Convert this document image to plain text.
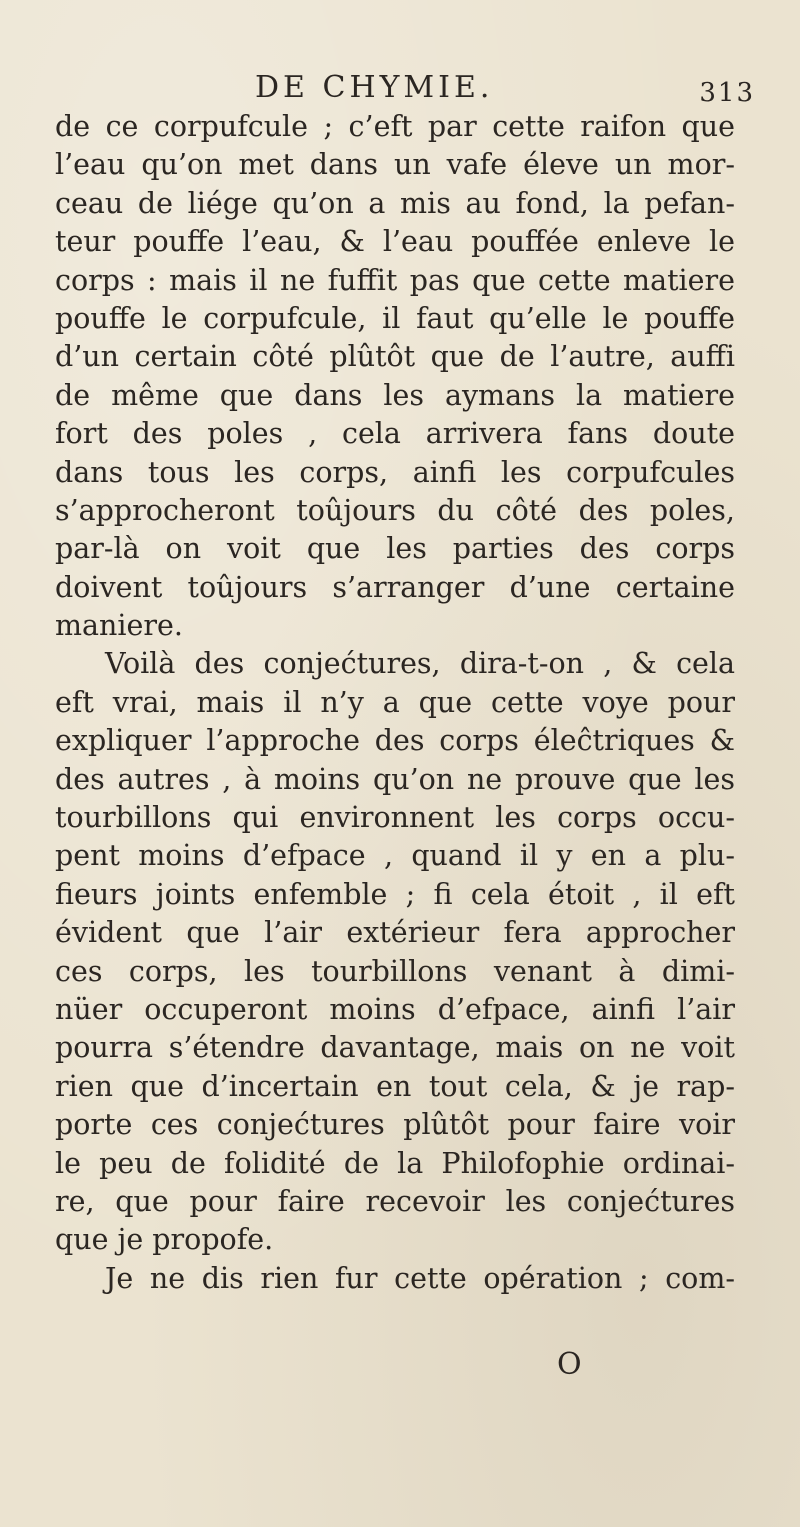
DE CHYMIE.	313
de ce corpufcule ; c’eft par cette raifon que
l’eau qu’on met dans un vafe éleve un mor-
ceau de liége qu’on a mis au fond, la pefan-
teur pouffe l’eau, & l’eau pouffée enleve le
corps : mais il ne fuffit pas que cette matiere
pouffe le corpufcule, il faut qu’elle le pouffe
d’un certain côté plûtôt que de l’autre, auffi
de même que dans les aymans la matiere
fort des poles , cela arrivera fans doute
dans tous les corps, ainfi les corpufcules
s’approcheront toûjours du côté des poles,
par-là on voit que les parties des corps
doivent toûjours s’arranger d’une certaine
maniere.
Voilà des conjećtures, dira-t-on , & cela
eft vrai, mais il n’y a que cette voye pour
expliquer l’approche des corps éleĉtriques &
des autres , à moins qu’on ne prouve que les
tourbillons qui environnent les corps occu-
pent moins d’efpace , quand il y en a plu-
fieurs joints enfemble ; fi cela étoit , il eft
évident que l’air extérieur fera approcher
ces corps, les tourbillons venant à dimi-
nüer occuperont moins d’efpace, ainfi l’air
pourra s’étendre davantage, mais on ne voit
rien que d’incertain en tout cela, & je rap-
porte ces conjećtures plûtôt pour faire voir
le peu de folidité de la Philofophie ordinai-
re, que pour faire recevoir les conjećtures
que je propofe.
Je ne dis rien fur cette opération ; com-
O
